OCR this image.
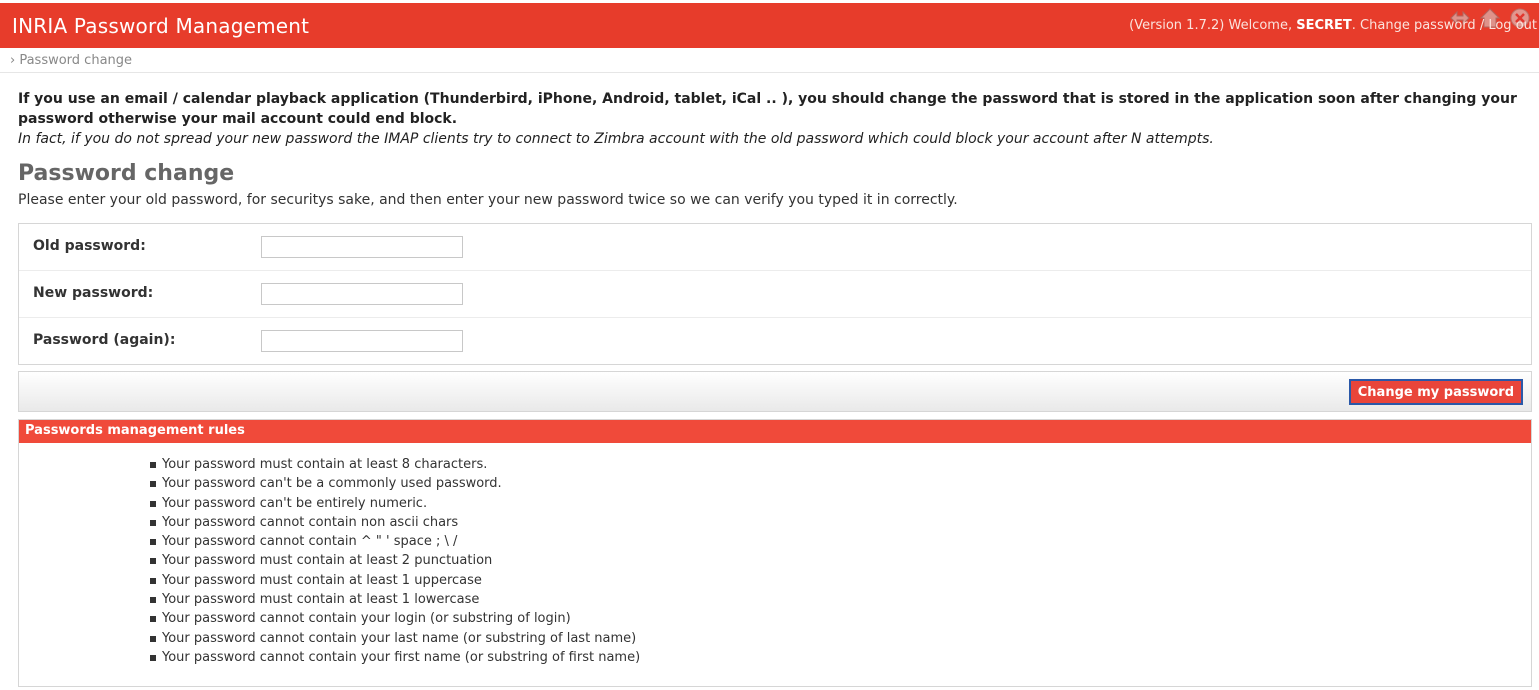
INRIA Password Management	(Version 1.7.2) Welcome, SECRET. Change password / Log out
› Password change
If you use an email / calendar playback application (Thunderbird, iPhone, Android, tablet, iCal .. ), you should change the password that is stored in the application soon after changing your password otherwise your mail account could end block.
In fact, if you do not spread your new password the IMAP clients try to connect to Zimbra account with the old password which could block your account after N attempts.
Password change
Please enter your old password, for securitys sake, and then enter your new password twice so we can verify you typed it in correctly.
Old password:
New password:
Password (again):
Change my password
Passwords management rules
Your password must contain at least 8 characters.
Your password can't be a commonly used password.
Your password can't be entirely numeric.
Your password cannot contain non ascii chars
Your password cannot contain ^ " ' space ; \ /
Your password must contain at least 2 punctuation
Your password must contain at least 1 uppercase
Your password must contain at least 1 lowercase
Your password cannot contain your login (or substring of login)
Your password cannot contain your last name (or substring of last name)
Your password cannot contain your first name (or substring of first name)
